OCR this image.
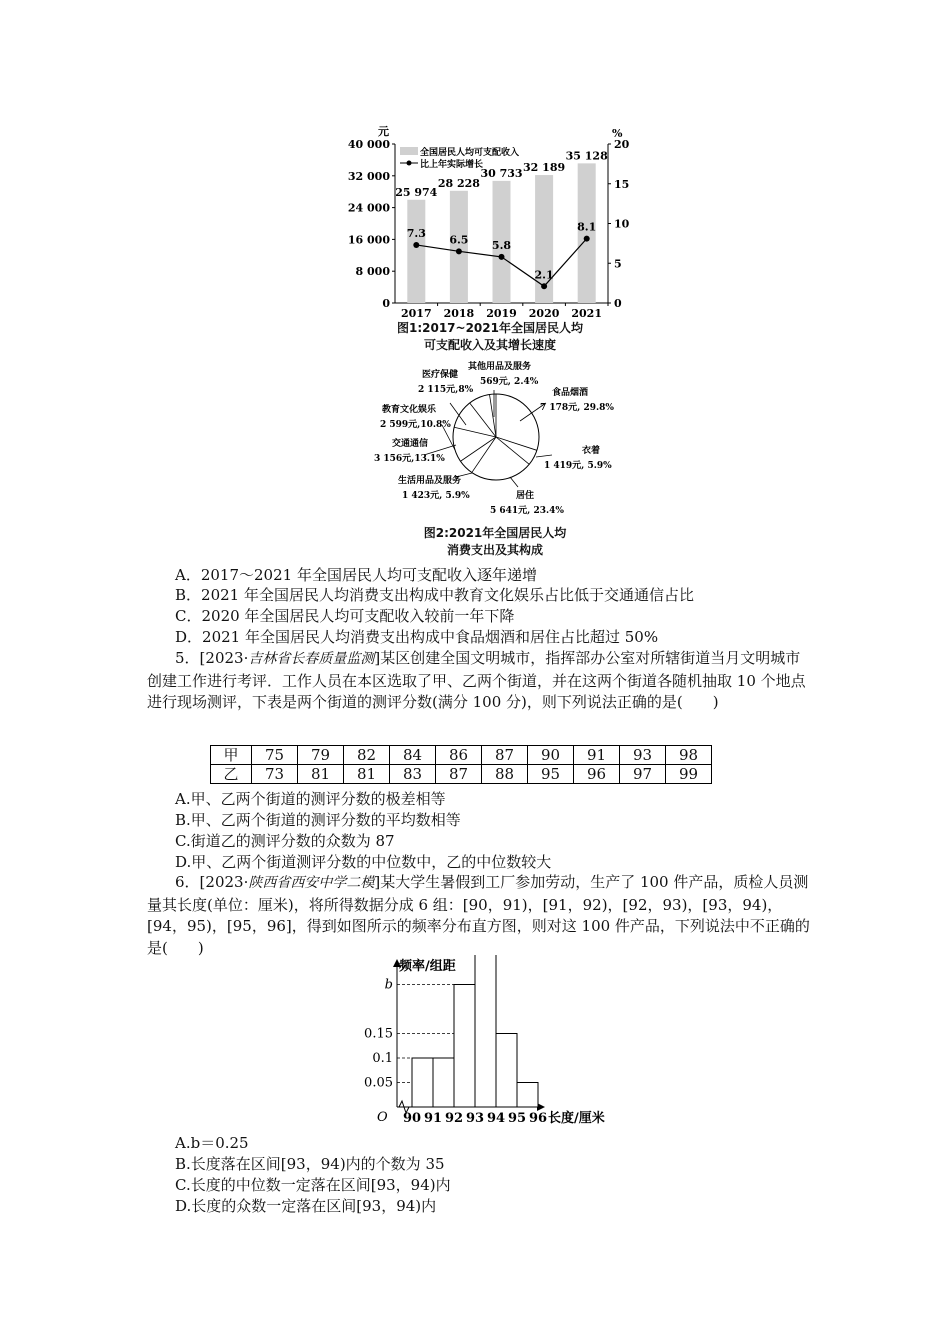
元	%
40 000
32 000
24 000
16 000
8 000
0
20
15
10
5
0
25 974
28 228
30 733 32 189
35 128
7.3 6.5 5.8
2.1
8.1
2017 2018 2019 2020 2021
全国居民人均可支配收入
比上年实际增长
图1:2017~2021年全国居民人均
可支配收入及其增长速度
其他用品及服务
569元, 2.4%
医疗保健
2 115元,8%	食品烟酒
7 178元, 29.8%
教育文化娱乐
2 599元,10.8%
衣着
1 419元, 5.9%
交通通信
3 156元,13.1%
生活用品及服务
1 423元, 5.9%	居住
5 641元, 23.4%
图2:2021年全国居民人均
消费支出及其构成
A．2017～2021 年全国居民人均可支配收入逐年递增
B．2021 年全国居民人均消费支出构成中教育文化娱乐占比低于交通通信占比
C．2020 年全国居民人均可支配收入较前一年下降
D．2021 年全国居民人均消费支出构成中食品烟酒和居住占比超过 50%
5．[2023·吉林省长春质量监测]某区创建全国文明城市，指挥部办公室对所辖街道当月文明城市创建工作进行考评．工作人员在本区选取了甲、乙两个街道，并在这两个街道各随机抽取 10 个地点进行现场测评，下表是两个街道的测评分数(满分 100 分)，则下列说法正确的是(　　)
甲	75	79	82	84	86	87	90	91	93	98
乙	73	81	81	83	87	88	95	96	97	99
A.甲、乙两个街道的测评分数的极差相等
B.甲、乙两个街道的测评分数的平均数相等
C.街道乙的测评分数的众数为 87
D.甲、乙两个街道测评分数的中位数中，乙的中位数较大
6．[2023·陕西省西安中学二模]某大学生暑假到工厂参加劳动，生产了 100 件产品，质检人员测量其长度(单位：厘米)，将所得数据分成 6 组：[90，91)，[91，92)，[92，93)，[93，94)，[94，95)，[95，96]，得到如图所示的频率分布直方图，则对这 100 件产品，下列说法中不正确的是(　　)
频率/组距
长度/厘米
O
b
0.15
0.1
0.05
90 91 92 93 94 95 96
A.b＝0.25
B.长度落在区间[93，94)内的个数为 35
C.长度的中位数一定落在区间[93，94)内
D.长度的众数一定落在区间[93，94)内
